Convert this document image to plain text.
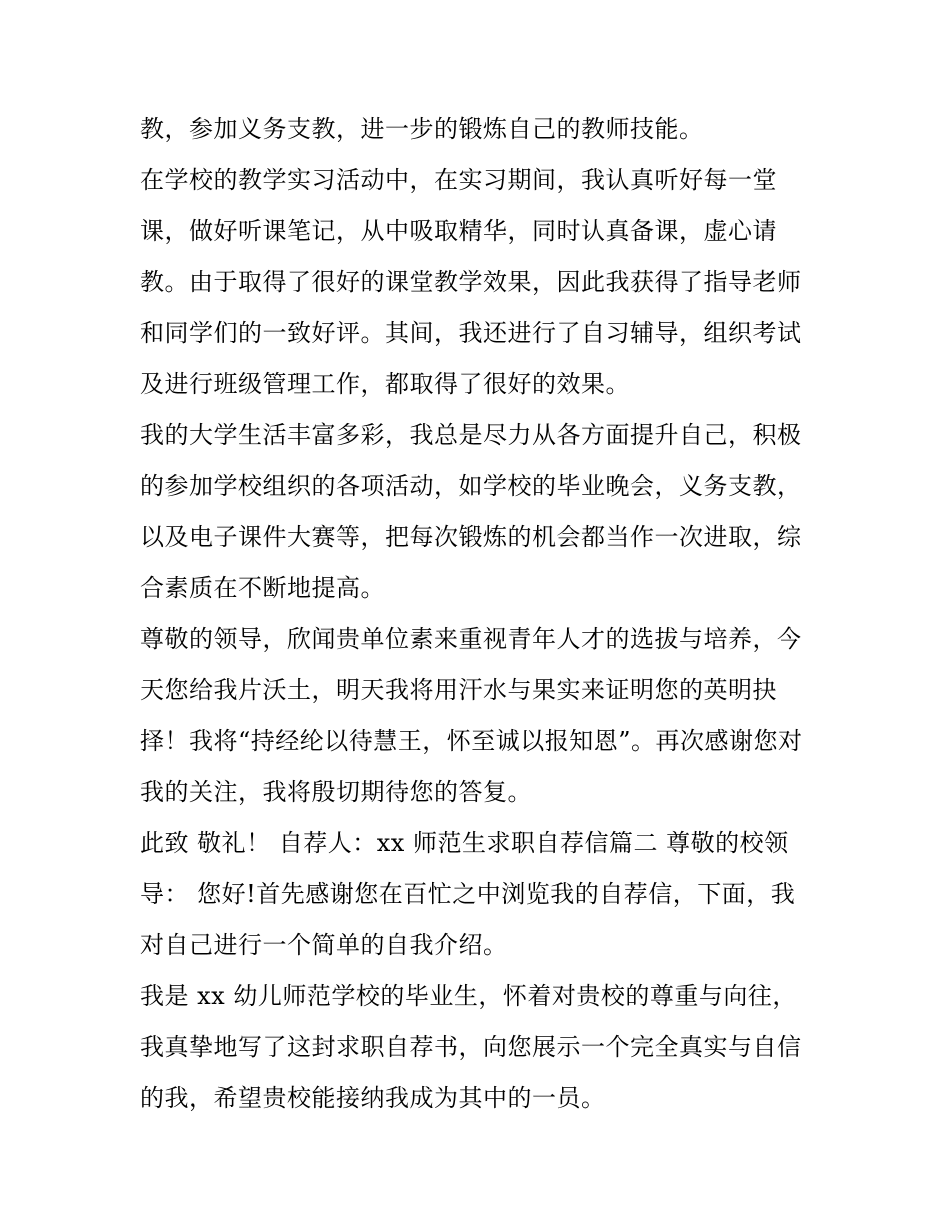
教，参加义务支教，进一步的锻炼自己的教师技能。
在学校的教学实习活动中，在实习期间，我认真听好每一堂
课，做好听课笔记，从中吸取精华，同时认真备课，虚心请
教。由于取得了很好的课堂教学效果，因此我获得了指导老师
和同学们的一致好评。其间，我还进行了自习辅导，组织考试
及进行班级管理工作，都取得了很好的效果。
我的大学生活丰富多彩，我总是尽力从各方面提升自己，积极
的参加学校组织的各项活动，如学校的毕业晚会，义务支教，
以及电子课件大赛等，把每次锻炼的机会都当作一次进取，综
合素质在不断地提高。
尊敬的领导，欣闻贵单位素来重视青年人才的选拔与培养，今
天您给我片沃土，明天我将用汗水与果实来证明您的英明抉
择！我将“持经纶以待慧王，怀至诚以报知恩”。再次感谢您对
我的关注，我将殷切期待您的答复。
此致 敬礼！ 自荐人：xx 师范生求职自荐信篇二 尊敬的校领
导： 您好!首先感谢您在百忙之中浏览我的自荐信，下面，我
对自己进行一个简单的自我介绍。
我是 xx 幼儿师范学校的毕业生，怀着对贵校的尊重与向往，
我真挚地写了这封求职自荐书，向您展示一个完全真实与自信
的我，希望贵校能接纳我成为其中的一员。
